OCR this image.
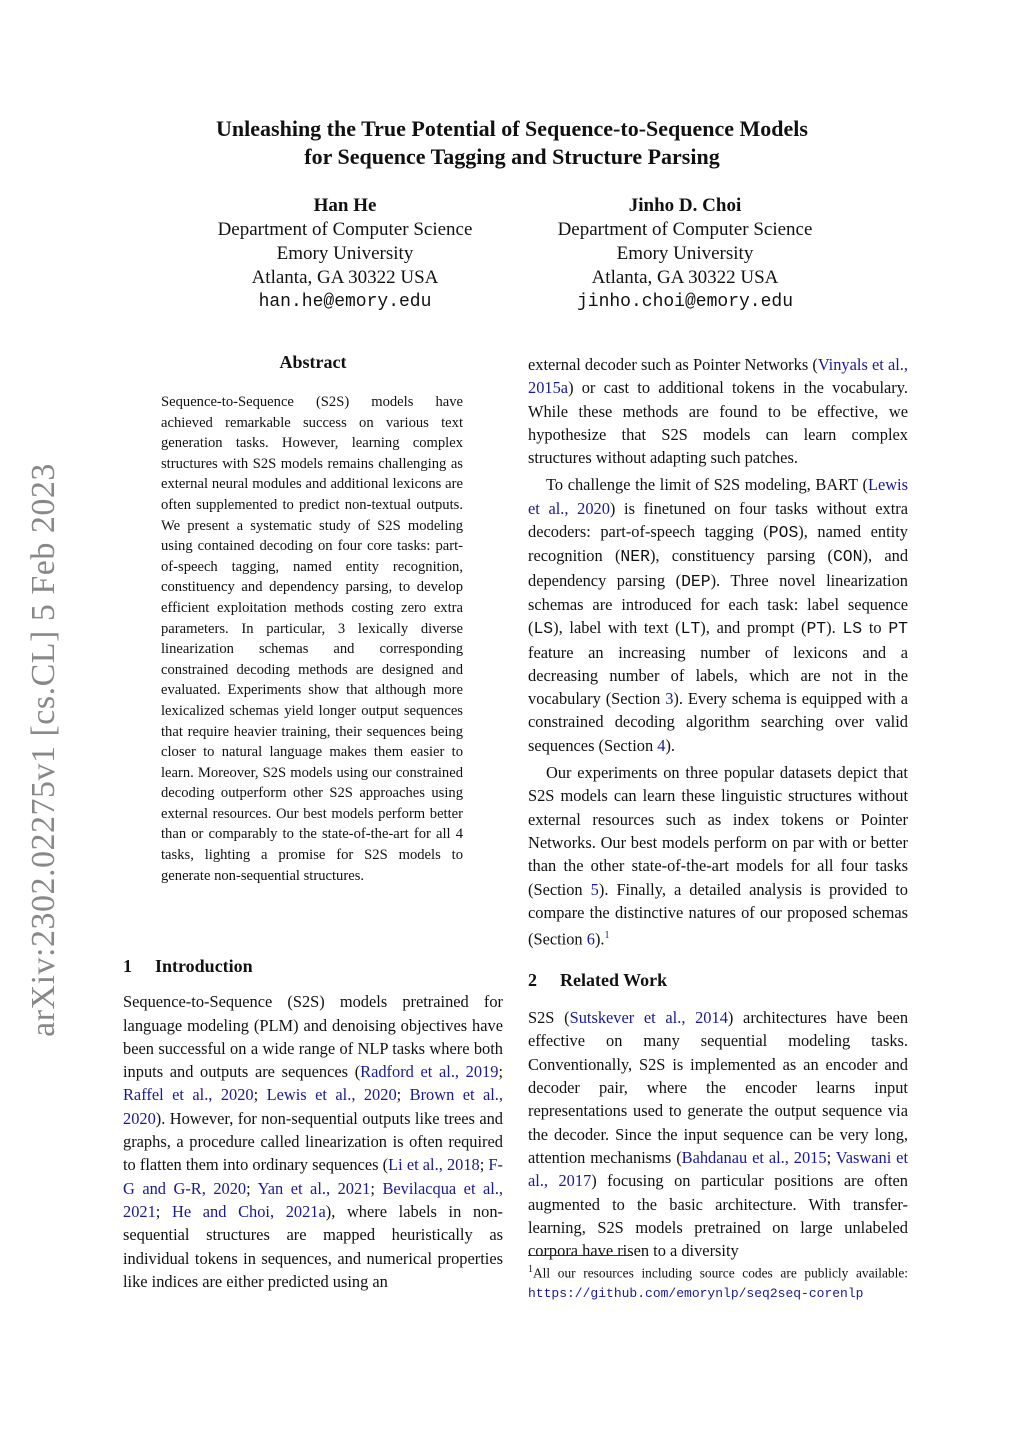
arXiv:2302.02275v1 [cs.CL] 5 Feb 2023
Unleashing the True Potential of Sequence-to-Sequence Models
for Sequence Tagging and Structure Parsing
Han He
Department of Computer Science
Emory University
Atlanta, GA 30322 USA
han.he@emory.edu
Jinho D. Choi
Department of Computer Science
Emory University
Atlanta, GA 30322 USA
jinho.choi@emory.edu
Abstract
Sequence-to-Sequence (S2S) models have achieved remarkable success on various text generation tasks. However, learning complex structures with S2S models remains challenging as external neural modules and additional lexicons are often supplemented to predict non-textual outputs. We present a systematic study of S2S modeling using contained decoding on four core tasks: part-of-speech tagging, named entity recognition, constituency and dependency parsing, to develop efficient exploitation methods costing zero extra parameters. In particular, 3 lexically diverse linearization schemas and corresponding constrained decoding methods are designed and evaluated. Experiments show that although more lexicalized schemas yield longer output sequences that require heavier training, their sequences being closer to natural language makes them easier to learn. Moreover, S2S models using our constrained decoding outperform other S2S approaches using external resources. Our best models perform better than or comparably to the state-of-the-art for all 4 tasks, lighting a promise for S2S models to generate non-sequential structures.
1 Introduction

Sequence-to-Sequence (S2S) models pretrained for language modeling (PLM) and denoising objectives have been successful on a wide range of NLP tasks where both inputs and outputs are sequences (Radford et al., 2019; Raffel et al., 2020; Lewis et al., 2020; Brown et al., 2020). However, for non-sequential outputs like trees and graphs, a procedure called linearization is often required to flatten them into ordinary sequences (Li et al., 2018; F-G and G-R, 2020; Yan et al., 2021; Bevilacqua et al., 2021; He and Choi, 2021a), where labels in non-sequential structures are mapped heuristically as individual tokens in sequences, and numerical properties like indices are either predicted using an

external decoder such as Pointer Networks (Vinyals et al., 2015a) or cast to additional tokens in the vocabulary. While these methods are found to be effective, we hypothesize that S2S models can learn complex structures without adapting such patches.

To challenge the limit of S2S modeling, BART (Lewis et al., 2020) is finetuned on four tasks without extra decoders: part-of-speech tagging (POS), named entity recognition (NER), constituency parsing (CON), and dependency parsing (DEP). Three novel linearization schemas are introduced for each task: label sequence (LS), label with text (LT), and prompt (PT). LS to PT feature an increasing number of lexicons and a decreasing number of labels, which are not in the vocabulary (Section 3). Every schema is equipped with a constrained decoding algorithm searching over valid sequences (Section 4).

Our experiments on three popular datasets depict that S2S models can learn these linguistic structures without external resources such as index tokens or Pointer Networks. Our best models perform on par with or better than the other state-of-the-art models for all four tasks (Section 5). Finally, a detailed analysis is provided to compare the distinctive natures of our proposed schemas (Section 6).$^1$

2 Related Work

S2S (Sutskever et al., 2014) architectures have been effective on many sequential modeling tasks. Conventionally, S2S is implemented as an encoder and decoder pair, where the encoder learns input representations used to generate the output sequence via the decoder. Since the input sequence can be very long, attention mechanisms (Bahdanau et al., 2015; Vaswani et al., 2017) focusing on particular positions are often augmented to the basic architecture. With transfer-learning, S2S models pretrained on large unlabeled corpora have risen to a diversity

$^1$All our resources including source codes are publicly available: https://github.com/emorynlp/seq2seq-corenlp
